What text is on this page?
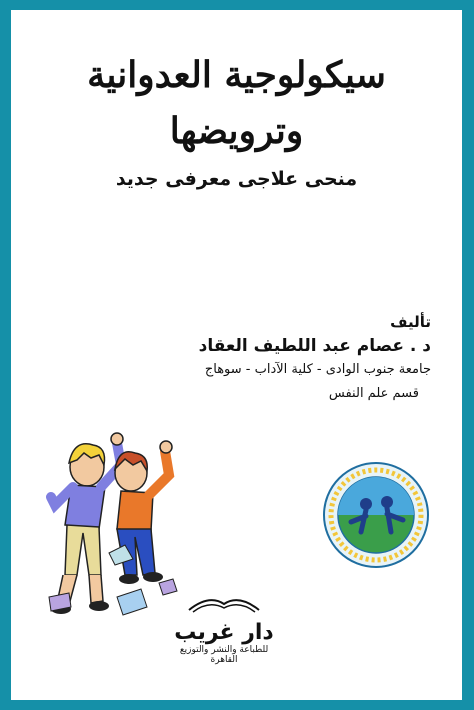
سيكولوجية العدوانية
وترويضها
منحى علاجى معرفى جديد
تأليف
د . عصام عبد اللطيف العقاد
جامعة جنوب الوادى - كلية الآداب - سوهاج
قسم علم النفس
دار غريب
للطباعة والنشر والتوزيع
القاهرة
